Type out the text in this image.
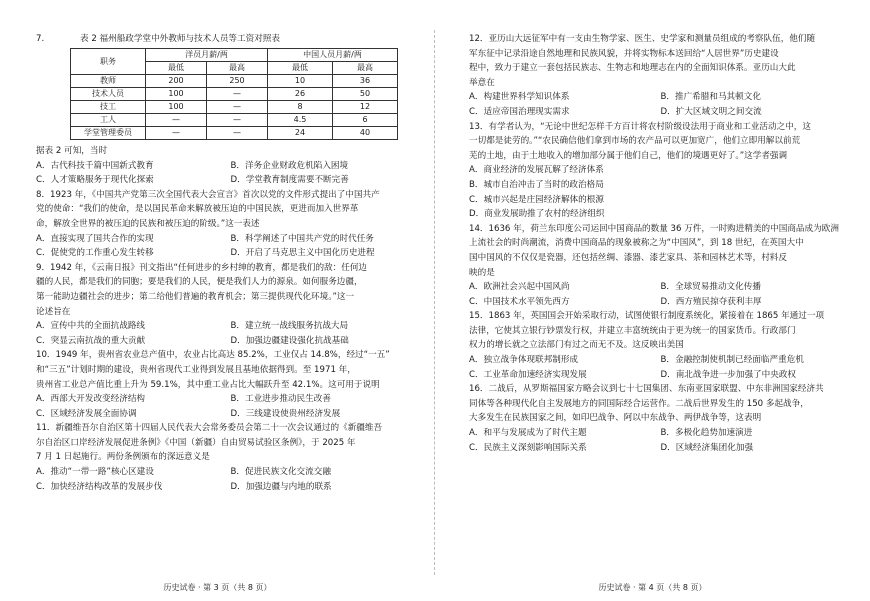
7.	表 2 福州船政学堂中外教师与技术人员等工资对照表
职务	洋员月薪/两		中国人员月薪/两	
	最低	最高	最低	最高
教师	200	250	10	36
技术人员	100	—	26	50
技工	100	—	8	12
工人	—	—	4.5	6
学堂管理委员	—	—	24	40

据表 2 可知，当时

A．古代科技千篇中国新式教育	B．洋务企业财政危机陷入困境
C．人才策略服务于现代化探索	D．学堂教育制度需要不断完善

8．1923 年，《中国共产党第三次全国代表大会宣言》首次以党的文件形式提出了中国共产
党的使命：“我们的使命，是以国民革命来解放被压迫的中国民族，更进而加入世界革
命，解放全世界的被压迫的民族和被压迫的阶级。”这一表述

A．直接实现了国共合作的实现	B．科学阐述了中国共产党的时代任务
C．促使党的工作重心发生转移	D．开启了马克思主义中国化历史进程

9．1942 年，《云南日报》刊文指出“任何进步的乡村绅的教育，都是我们的敌：任何边
疆的人民，都是我们的同胞；要是我们的人民，便是我们人力的源泉。如何服务边疆，
第一能助边疆社会的进步；第二给他们普遍的教育机会；第三提供现代化环境。”这一
论述旨在

A．宣传中共的全面抗战路线	B．建立统一战线服务抗战大局
C．突显云南抗战的重大贡献	D．加强边疆建设强化抗战基础

10．1949 年，贵州省农业总产值中，农业占比高达 85.2%，工业仅占 14.8%，经过“一五”
和“三五”计划时期的建设，贵州省现代工业得到发展且基地依据得到。至 1971 年，
贵州省工业总产值比重上升为 59.1%，其中重工业占比大幅跃升至 42.1%。这可用于说明

A．西部大开发改变经济结构	B．工业进步推动民生改善
C．区域经济发展全面协调	D．三线建设使贵州经济发展

11．新疆维吾尔自治区第十四届人民代表大会常务委员会第二十一次会议通过的《新疆维吾
尔自治区口岸经济发展促进条例》《中国（新疆）自由贸易试验区条例》，于 2025 年
7 月 1 日起施行。两份条例颁布的深远意义是

A．推动“一带一路”核心区建设	B．促进民族文化交流交融
C．加快经济结构改革的发展步伐	D．加强边疆与内地的联系
历史试卷 · 第 3 页（共 8 页）

12．亚历山大远征军中有一支由生物学家、医生、史学家和测量员组成的考察队伍，他们随
军东征中记录沿途自然地理和民族风貌，并将实物标本送回给“人居世界”历史建设
程中，致力于建立一套包括民族志、生物志和地理志在内的全面知识体系。亚历山大此
举意在

A．构建世界科学知识体系	B．推广希腊和马其顿文化
C．适应帝国治理现实需求	D．扩大区域文明之间交流

13．有学者认为，“无论中世纪怎样千方百计将农村阶级设法用于商业和工业活动之中，这
一切都是徒劳的。”“农民确信他们拿到市场的农产品可以更加宽广，他们立即用解以前荒
芜的土地，由于土地收入的增加部分属于他们自己，他们的境遇更好了。”这学者强调

A．商业经济的发展瓦解了经济体系
B．城市自治冲击了当时的政治格局
C．城市兴起是庄园经济解体的根源
D．商业发展助推了农村的经济组织

14．1636 年，荷兰东印度公司运回中国商品的数量 36 万件，一时购进精美的中国商品成为欧洲
上流社会的时尚潮流，消费中国商品的现象被称之为“中国风”，到 18 世纪，在英国大中
国中国风的不仅仅是瓷器，还包括丝绸、漆器、漆艺家具、茶和园林艺术等，村料反
映的是

A．欧洲社会兴起中国风尚	B．全球贸易推动文化传播
C．中国技术水平领先西方	D．西方殖民掠夺获利丰厚

15．1863 年，英国国会开始采取行动，试图使银行制度系统化，紧接着在 1865 年通过一项
法律，它使其立银行钞票发行权，并建立丰富统统由于更为统一的国家货币。行政部门
权力的增长就之立法部门有过之而无不及。这反映出美国

A．独立战争体现联邦制形成	B．金融控制使机制已经面临严重危机
C．工业革命加速经济实现发展	D．南北战争进一步加强了中央政权

16．二战后，从罗斯福国家方略会议到七十七国集团、东南亚国家联盟、中东非洲国家经济共
同体等各种现代化自主发展地方的同国际经合运营作。二战后世界发生的 150 多起战争，
大多发生在民族国家之间，如印巴战争、阿以中东战争、两伊战争等，这表明

A．和平与发展成为了时代主题	B．多极化趋势加速演进
C．民族主义深刻影响国际关系	D．区域经济集团化加强
历史试卷 · 第 4 页（共 8 页）
